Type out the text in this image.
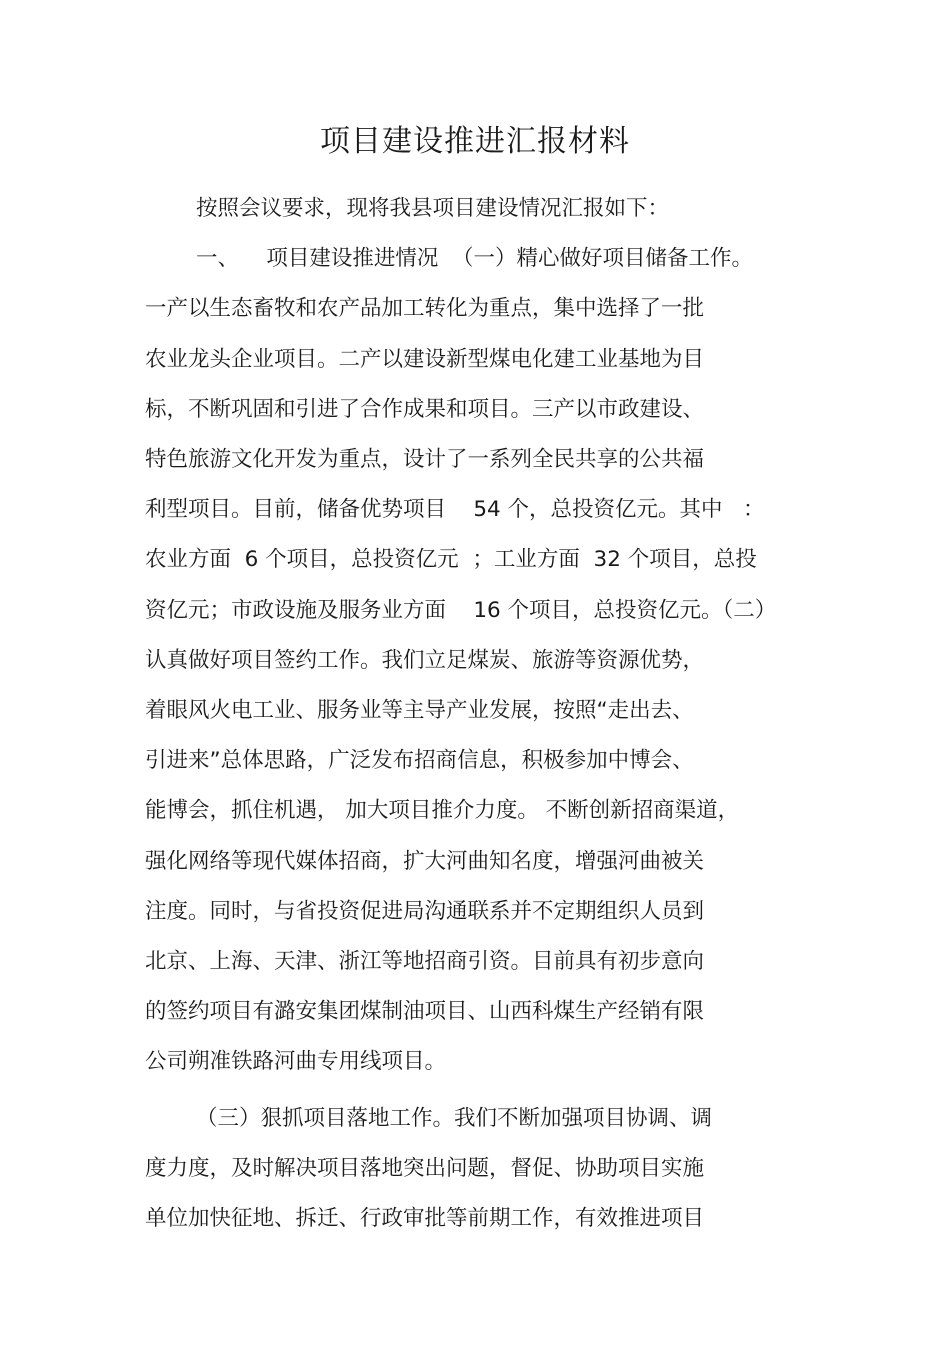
项目建设推进汇报材料
按照会议要求，现将我县项目建设情况汇报如下：
一、    项目建设推进情况  （一）精心做好项目储备工作。
一产以生态畜牧和农产品加工转化为重点，集中选择了一批
农业龙头企业项目。二产以建设新型煤电化建工业基地为目
标，不断巩固和引进了合作成果和项目。三产以市政建设、
特色旅游文化开发为重点，设计了一系列全民共享的公共福
利型项目。目前，储备优势项目    54 个，总投资亿元。其中   ：
农业方面  6 个项目，总投资亿元  ；工业方面  32 个项目，总投
资亿元；市政设施及服务业方面    16 个项目，总投资亿元。（二）
认真做好项目签约工作。我们立足煤炭、旅游等资源优势，
着眼风火电工业、服务业等主导产业发展，按照“走出去、
引进来”总体思路，广泛发布招商信息，积极参加中博会、
能博会，抓住机遇， 加大项目推介力度。 不断创新招商渠道，
强化网络等现代媒体招商，扩大河曲知名度，增强河曲被关
注度。同时，与省投资促进局沟通联系并不定期组织人员到
北京、上海、天津、浙江等地招商引资。目前具有初步意向
的签约项目有潞安集团煤制油项目、山西科煤生产经销有限
公司朔准铁路河曲专用线项目。
（三）狠抓项目落地工作。我们不断加强项目协调、调
度力度，及时解决项目落地突出问题，督促、协助项目实施
单位加快征地、拆迁、行政审批等前期工作，有效推进项目
